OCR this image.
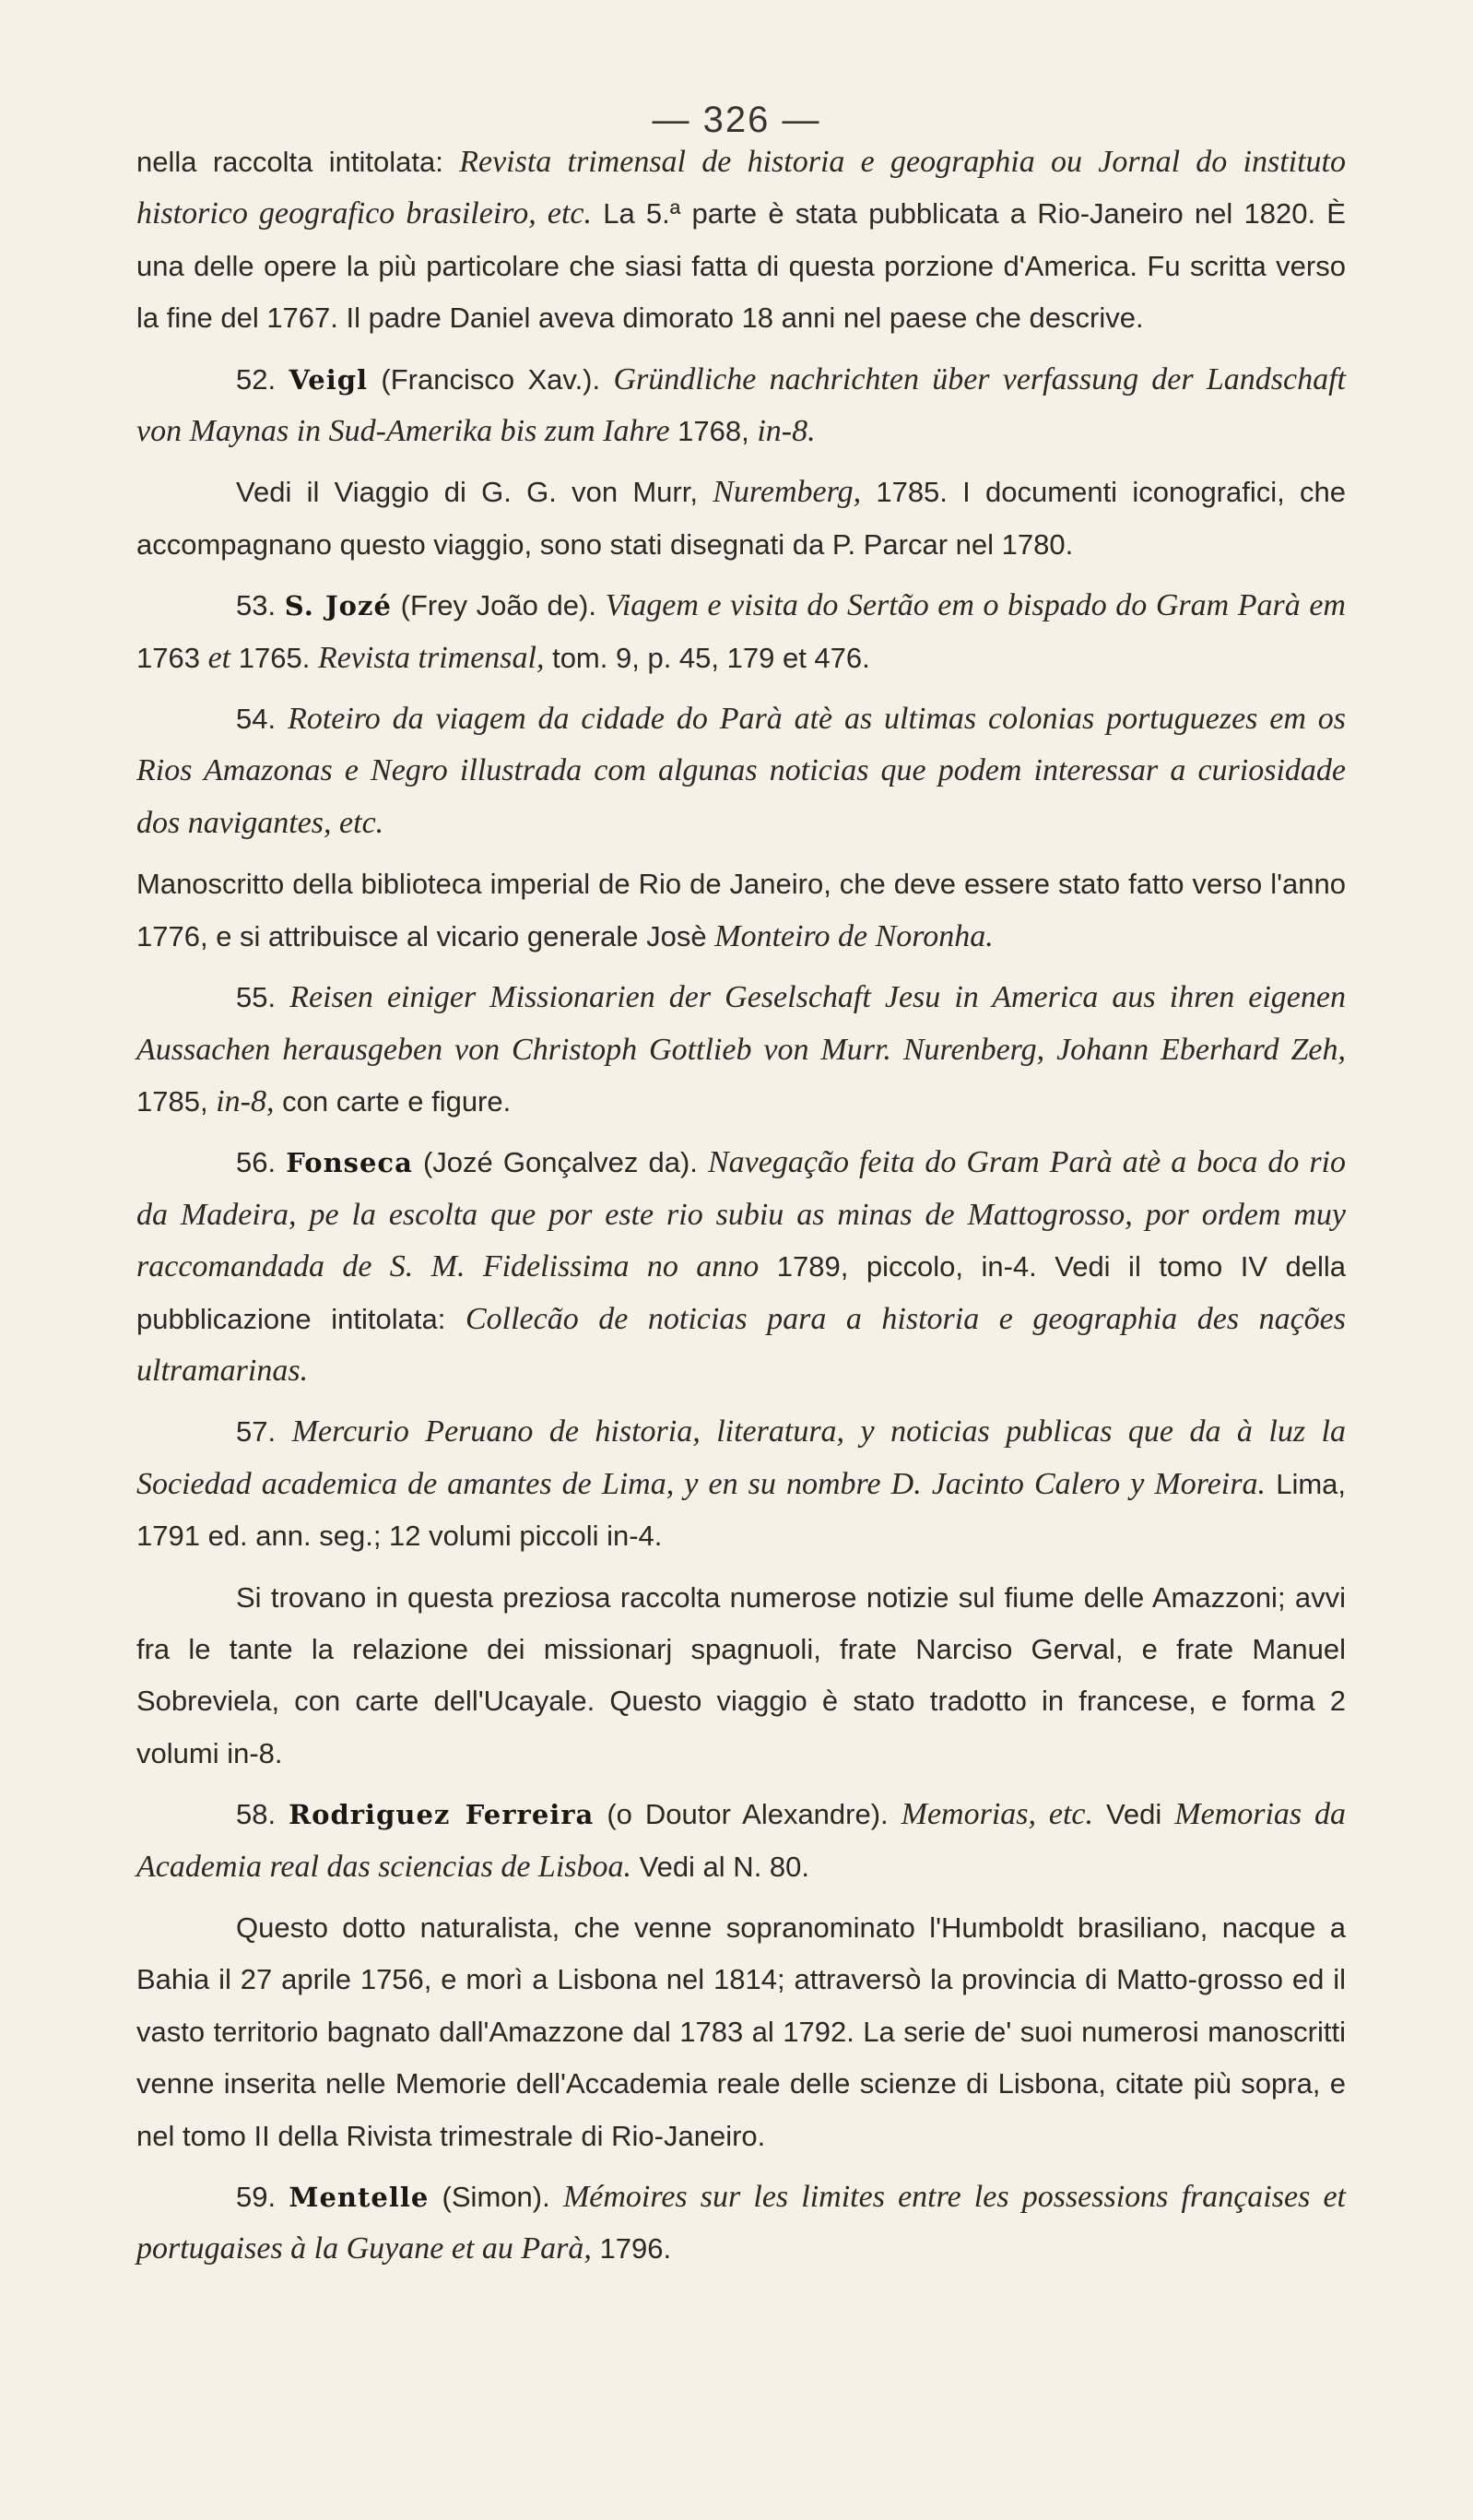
— 326 —

nella raccolta intitolata: Revista trimensal de historia e geographia ou Jornal do instituto historico geografico brasileiro, etc. La 5.ª parte è stata pubblicata a Rio-Janeiro nel 1820. È una delle opere la più particolare che siasi fatta di questa porzione d'America. Fu scritta verso la fine del 1767. Il padre Daniel aveva dimorato 18 anni nel paese che descrive.

52. Veigl (Francisco Xav.). Gründliche nachrichten über verfassung der Landschaft von Maynas in Sud-Amerika bis zum Iahre 1768, in-8.

Vedi il Viaggio di G. G. von Murr, Nuremberg, 1785. I documenti iconografici, che accompagnano questo viaggio, sono stati disegnati da P. Parcar nel 1780.

53. S. Jozé (Frey João de). Viagem e visita do Sertão em o bispado do Gram Parà em 1763 et 1765. Revista trimensal, tom. 9, p. 45, 179 et 476.

54. Roteiro da viagem da cidade do Parà atè as ultimas colonias portuguezes em os Rios Amazonas e Negro illustrada com algunas noticias que podem interessar a curiosidade dos navigantes, etc.

Manoscritto della biblioteca imperial de Rio de Janeiro, che deve essere stato fatto verso l'anno 1776, e si attribuisce al vicario generale Josè Monteiro de Noronha.

55. Reisen einiger Missionarien der Geselschaft Jesu in America aus ihren eigenen Aussachen herausgeben von Christoph Gottlieb von Murr. Nurenberg, Johann Eberhard Zeh, 1785, in-8, con carte e figure.

56. Fonseca (Jozé Gonçalvez da). Navegação feita do Gram Parà atè a boca do rio da Madeira, pe la escolta que por este rio subiu as minas de Mattogrosso, por ordem muy raccomandada de S. M. Fidelissima no anno 1789, piccolo, in-4. Vedi il tomo IV della pubblicazione intitolata: Collecão de noticias para a historia e geographia des nações ultramarinas.

57. Mercurio Peruano de historia, literatura, y noticias publicas que da à luz la Sociedad academica de amantes de Lima, y en su nombre D. Jacinto Calero y Moreira. Lima, 1791 ed. ann. seg.; 12 volumi piccoli in-4.

Si trovano in questa preziosa raccolta numerose notizie sul fiume delle Amazzoni; avvi fra le tante la relazione dei missionarj spagnuoli, frate Narciso Gerval, e frate Manuel Sobreviela, con carte dell'Ucayale. Questo viaggio è stato tradotto in francese, e forma 2 volumi in-8.

58. Rodriguez Ferreira (o Doutor Alexandre). Memorias, etc. Vedi Memorias da Academia real das sciencias de Lisboa. Vedi al N. 80.

Questo dotto naturalista, che venne sopranominato l'Humboldt brasiliano, nacque a Bahia il 27 aprile 1756, e morì a Lisbona nel 1814; attraversò la provincia di Matto-grosso ed il vasto territorio bagnato dall'Amazzone dal 1783 al 1792. La serie de' suoi numerosi manoscritti venne inserita nelle Memorie dell'Accademia reale delle scienze di Lisbona, citate più sopra, e nel tomo II della Rivista trimestrale di Rio-Janeiro.

59. Mentelle (Simon). Mémoires sur les limites entre les possessions françaises et portugaises à la Guyane et au Parà, 1796.
